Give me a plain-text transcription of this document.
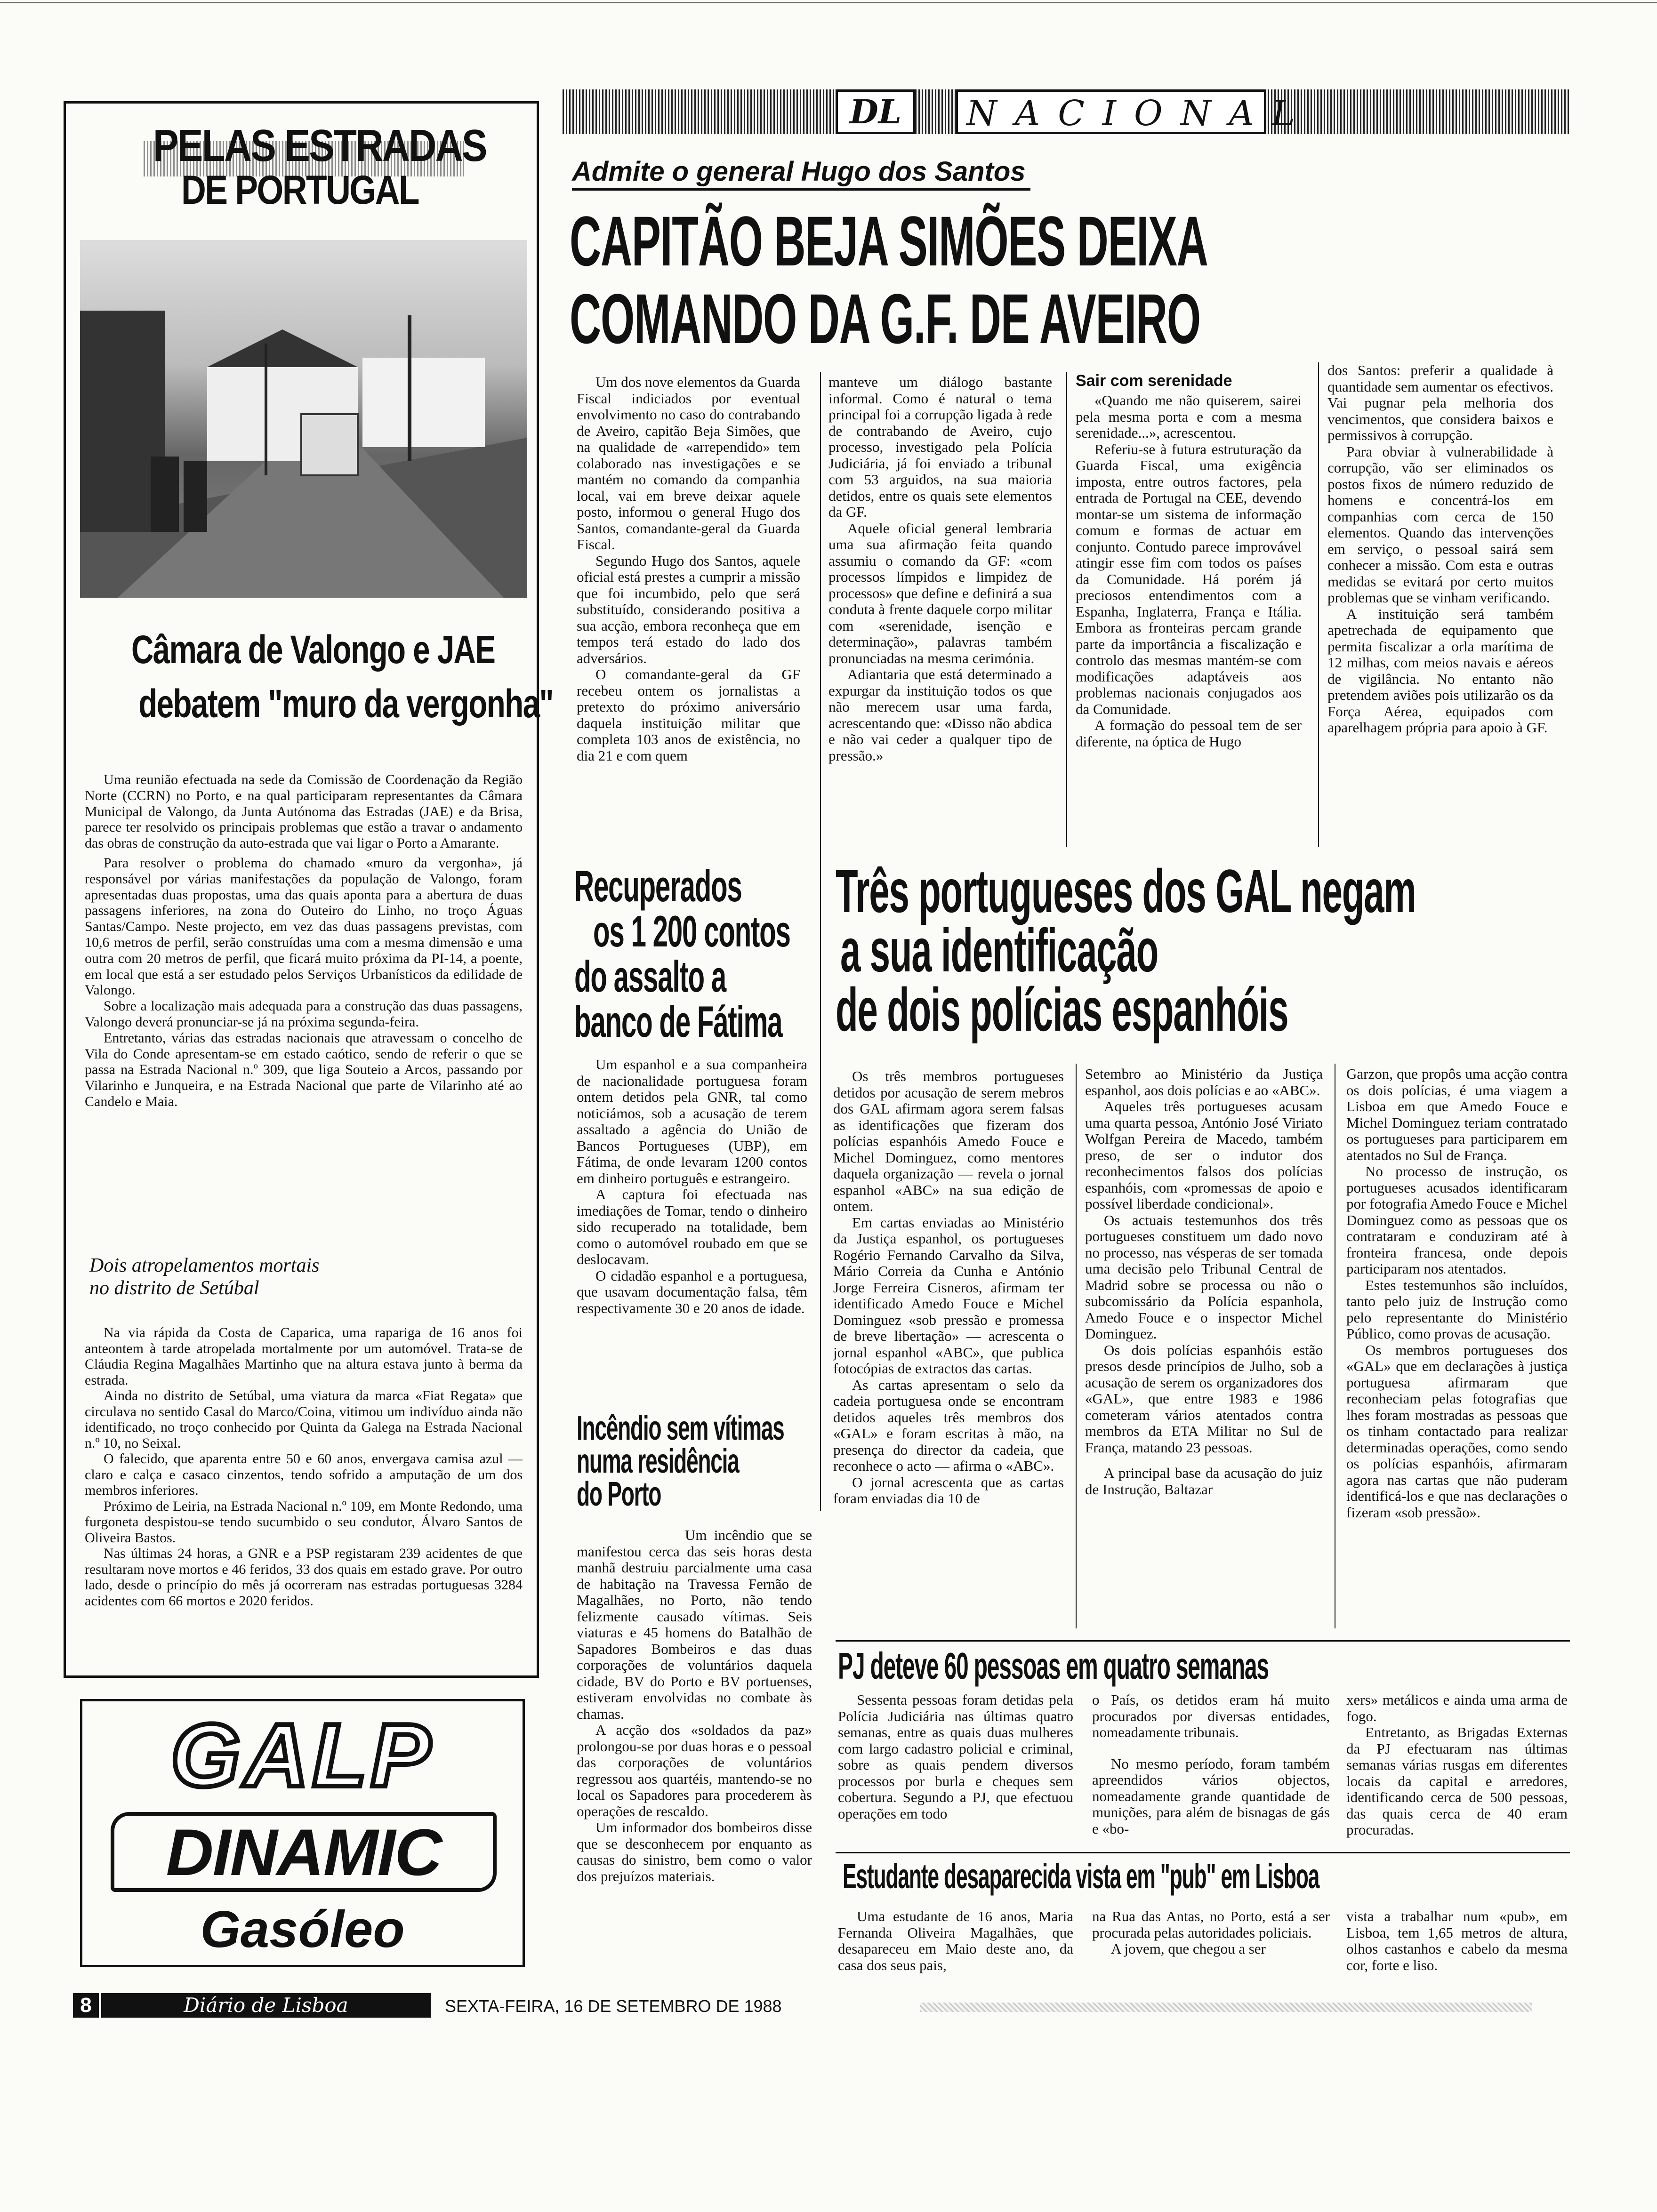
PELAS ESTRADAS
DE PORTUGAL
Câmara de Valongo e JAE
debatem "muro da vergonha"

Uma reunião efectuada na sede da Comissão de Coordenação da Região Norte (CCRN) no Porto, e na qual participaram representantes da Câmara Municipal de Valongo, da Junta Autónoma das Estradas (JAE) e da Brisa, parece ter resolvido os principais problemas que estão a travar o andamento das obras de construção da auto-estrada que vai ligar o Porto a Amarante.

Para resolver o problema do chamado «muro da vergonha», já responsável por várias manifestações da população de Valongo, foram apresentadas duas propostas, uma das quais aponta para a abertura de duas passagens inferiores, na zona do Outeiro do Linho, no troço Águas Santas/Campo. Neste projecto, em vez das duas passagens previstas, com 10,6 metros de perfil, serão construídas uma com a mesma dimensão e uma outra com 20 metros de perfil, que ficará muito próxima da PI-14, a poente, em local que está a ser estudado pelos Serviços Urbanísticos da edilidade de Valongo.

Sobre a localização mais adequada para a construção das duas passagens, Valongo deverá pronunciar-se já na próxima segunda-feira.

Entretanto, várias das estradas nacionais que atravessam o concelho de Vila do Conde apresentam-se em estado caótico, sendo de referir o que se passa na Estrada Nacional n.º 309, que liga Souteio a Arcos, passando por Vilarinho e Junqueira, e na Estrada Nacional que parte de Vilarinho até ao Candelo e Maia.

Dois atropelamentos mortais
no distrito de Setúbal

Na via rápida da Costa de Caparica, uma rapariga de 16 anos foi anteontem à tarde atropelada mortalmente por um automóvel. Trata-se de Cláudia Regina Magalhães Martinho que na altura estava junto à berma da estrada.

Ainda no distrito de Setúbal, uma viatura da marca «Fiat Regata» que circulava no sentido Casal do Marco/Coina, vitimou um indivíduo ainda não identificado, no troço conhecido por Quinta da Galega na Estrada Nacional n.º 10, no Seixal.

O falecido, que aparenta entre 50 e 60 anos, envergava camisa azul — claro e calça e casaco cinzentos, tendo sofrido a amputação de um dos membros inferiores.

Próximo de Leiria, na Estrada Nacional n.º 109, em Monte Redondo, uma furgoneta despistou-se tendo sucumbido o seu condutor, Álvaro Santos de Oliveira Bastos.

Nas últimas 24 horas, a GNR e a PSP registaram 239 acidentes de que resultaram nove mortos e 46 feridos, 33 dos quais em estado grave. Por outro lado, desde o princípio do mês já ocorreram nas estradas portuguesas 3284 acidentes com 66 mortos e 2020 feridos.

GALP
DINAMIC
Gasóleo
8	Diário de Lisboa	SEXTA-FEIRA, 16 DE SETEMBRO DE 1988
DL	NACIONAL
Admite o general Hugo dos Santos
CAPITÃO BEJA SIMÕES DEIXA
COMANDO DA G.F. DE AVEIRO

Um dos nove elementos da Guarda Fiscal indiciados por eventual envolvimento no caso do contrabando de Aveiro, capitão Beja Simões, que na qualidade de «arrependido» tem colaborado nas investigações e se mantém no comando da companhia local, vai em breve deixar aquele posto, informou o general Hugo dos Santos, comandante-geral da Guarda Fiscal.

Segundo Hugo dos Santos, aquele oficial está prestes a cumprir a missão que foi incumbido, pelo que será substituído, considerando positiva a sua acção, embora reconheça que em tempos terá estado do lado dos adversários.

O comandante-geral da GF recebeu ontem os jornalistas a pretexto do próximo aniversário daquela instituição militar que completa 103 anos de existência, no dia 21 e com quem

manteve um diálogo bastante informal. Como é natural o tema principal foi a corrupção ligada à rede de contrabando de Aveiro, cujo processo, investigado pela Polícia Judiciária, já foi enviado a tribunal com 53 arguidos, na sua maioria detidos, entre os quais sete elementos da GF.

Aquele oficial general lembraria uma sua afirmação feita quando assumiu o comando da GF: «com processos límpidos e limpidez de processos» que define e definirá a sua conduta à frente daquele corpo militar com «serenidade, isenção e determinação», palavras também pronunciadas na mesma cerimónia.

Adiantaria que está determinado a expurgar da instituição todos os que não merecem usar uma farda, acrescentando que: «Disso não abdica e não vai ceder a qualquer tipo de pressão.»

Sair com serenidade

«Quando me não quiserem, sairei pela mesma porta e com a mesma serenidade...», acrescentou.

Referiu-se à futura estruturação da Guarda Fiscal, uma exigência imposta, entre outros factores, pela entrada de Portugal na CEE, devendo montar-se um sistema de informação comum e formas de actuar em conjunto. Contudo parece improvável atingir esse fim com todos os países da Comunidade. Há porém já preciosos entendimentos com a Espanha, Inglaterra, França e Itália. Embora as fronteiras percam grande parte da importância a fiscalização e controlo das mesmas mantém-se com modificações adaptáveis aos problemas nacionais conjugados aos da Comunidade.

A formação do pessoal tem de ser diferente, na óptica de Hugo

dos Santos: preferir a qualidade à quantidade sem aumentar os efectivos. Vai pugnar pela melhoria dos vencimentos, que considera baixos e permissivos à corrupção.

Para obviar à vulnerabilidade à corrupção, vão ser eliminados os postos fixos de número reduzido de homens e concentrá-los em companhias com cerca de 150 elementos. Quando das intervenções em serviço, o pessoal sairá sem conhecer a missão. Com esta e outras medidas se evitará por certo muitos problemas que se vinham verificando.

A instituição será também apetrechada de equipamento que permita fiscalizar a orla marítima de 12 milhas, com meios navais e aéreos de vigilância. No entanto não pretendem aviões pois utilizarão os da Força Aérea, equipados com aparelhagem própria para apoio à GF.

Recuperados
os 1 200 contos
do assalto a
banco de Fátima

Um espanhol e a sua companheira de nacionalidade portuguesa foram ontem detidos pela GNR, tal como noticiámos, sob a acusação de terem assaltado a agência do União de Bancos Portugueses (UBP), em Fátima, de onde levaram 1200 contos em dinheiro português e estrangeiro.

A captura foi efectuada nas imediações de Tomar, tendo o dinheiro sido recuperado na totalidade, bem como o automóvel roubado em que se deslocavam.

O cidadão espanhol e a portuguesa, que usavam documentação falsa, têm respectivamente 30 e 20 anos de idade.

Incêndio sem vítimas
numa residência
do Porto

Um incêndio que se manifestou cerca das seis horas desta manhã destruiu parcialmente uma casa de habitação na Travessa Fernão de Magalhães, no Porto, não tendo felizmente causado vítimas. Seis viaturas e 45 homens do Batalhão de Sapadores Bombeiros e das duas corporações de voluntários daquela cidade, BV do Porto e BV portuenses, estiveram envolvidas no combate às chamas.

A acção dos «soldados da paz» prolongou-se por duas horas e o pessoal das corporações de voluntários regressou aos quartéis, mantendo-se no local os Sapadores para procederem às operações de rescaldo.

Um informador dos bombeiros disse que se desconhecem por enquanto as causas do sinistro, bem como o valor dos prejuízos materiais.

Três portugueses dos GAL negam
a sua identificação
de dois polícias espanhóis

Os três membros portugueses detidos por acusação de serem mebros dos GAL afirmam agora serem falsas as identificações que fizeram dos polícias espanhóis Amedo Fouce e Michel Dominguez, como mentores daquela organização — revela o jornal espanhol «ABC» na sua edição de ontem.

Em cartas enviadas ao Ministério da Justiça espanhol, os portugueses Rogério Fernando Carvalho da Silva, Mário Correia da Cunha e António Jorge Ferreira Cisneros, afirmam ter identificado Amedo Fouce e Michel Dominguez «sob pressão e promessa de breve libertação» — acrescenta o jornal espanhol «ABC», que publica fotocópias de extractos das cartas.

As cartas apresentam o selo da cadeia portuguesa onde se encontram detidos aqueles três membros dos «GAL» e foram escritas à mão, na presença do director da cadeia, que reconhece o acto — afirma o «ABC».

O jornal acrescenta que as cartas foram enviadas dia 10 de

Setembro ao Ministério da Justiça espanhol, aos dois polícias e ao «ABC».

Aqueles três portugueses acusam uma quarta pessoa, António José Viriato Wolfgan Pereira de Macedo, também preso, de ser o indutor dos reconhecimentos falsos dos polícias espanhóis, com «promessas de apoio e possível liberdade condicional».

Os actuais testemunhos dos três portugueses constituem um dado novo no processo, nas vésperas de ser tomada uma decisão pelo Tribunal Central de Madrid sobre se processa ou não o subcomissário da Polícia espanhola, Amedo Fouce e o inspector Michel Dominguez.

Os dois polícias espanhóis estão presos desde princípios de Julho, sob a acusação de serem os organizadores dos «GAL», que entre 1983 e 1986 cometeram vários atentados contra membros da ETA Militar no Sul de França, matando 23 pessoas.

A principal base da acusação do juiz de Instrução, Baltazar

Garzon, que propôs uma acção contra os dois polícias, é uma viagem a Lisboa em que Amedo Fouce e Michel Dominguez teriam contratado os portugueses para participarem em atentados no Sul de França.

No processo de instrução, os portugueses acusados identificaram por fotografia Amedo Fouce e Michel Dominguez como as pessoas que os contrataram e conduziram até à fronteira francesa, onde depois participaram nos atentados.

Estes testemunhos são incluídos, tanto pelo juiz de Instrução como pelo representante do Ministério Público, como provas de acusação.

Os membros portugueses dos «GAL» que em declarações à justiça portuguesa afirmaram que reconheciam pelas fotografias que lhes foram mostradas as pessoas que os tinham contactado para realizar determinadas operações, como sendo os polícias espanhóis, afirmaram agora nas cartas que não puderam identificá-los e que nas declarações o fizeram «sob pressão».

PJ deteve 60 pessoas em quatro semanas

Sessenta pessoas foram detidas pela Polícia Judiciária nas últimas quatro semanas, entre as quais duas mulheres com largo cadastro policial e criminal, sobre as quais pendem diversos processos por burla e cheques sem cobertura. Segundo a PJ, que efectuou operações em todo

o País, os detidos eram há muito procurados por diversas entidades, nomeadamente tribunais.

No mesmo período, foram também apreendidos vários objectos, nomeadamente grande quantidade de munições, para além de bisnagas de gás e «bo-

xers» metálicos e ainda uma arma de fogo.

Entretanto, as Brigadas Externas da PJ efectuaram nas últimas semanas várias rusgas em diferentes locais da capital e arredores, identificando cerca de 500 pessoas, das quais cerca de 40 eram procuradas.

Estudante desaparecida vista em "pub" em Lisboa

Uma estudante de 16 anos, Maria Fernanda Oliveira Magalhães, que desapareceu em Maio deste ano, da casa dos seus pais,

na Rua das Antas, no Porto, está a ser procurada pelas autoridades policiais.

A jovem, que chegou a ser

vista a trabalhar num «pub», em Lisboa, tem 1,65 metros de altura, olhos castanhos e cabelo da mesma cor, forte e liso.
